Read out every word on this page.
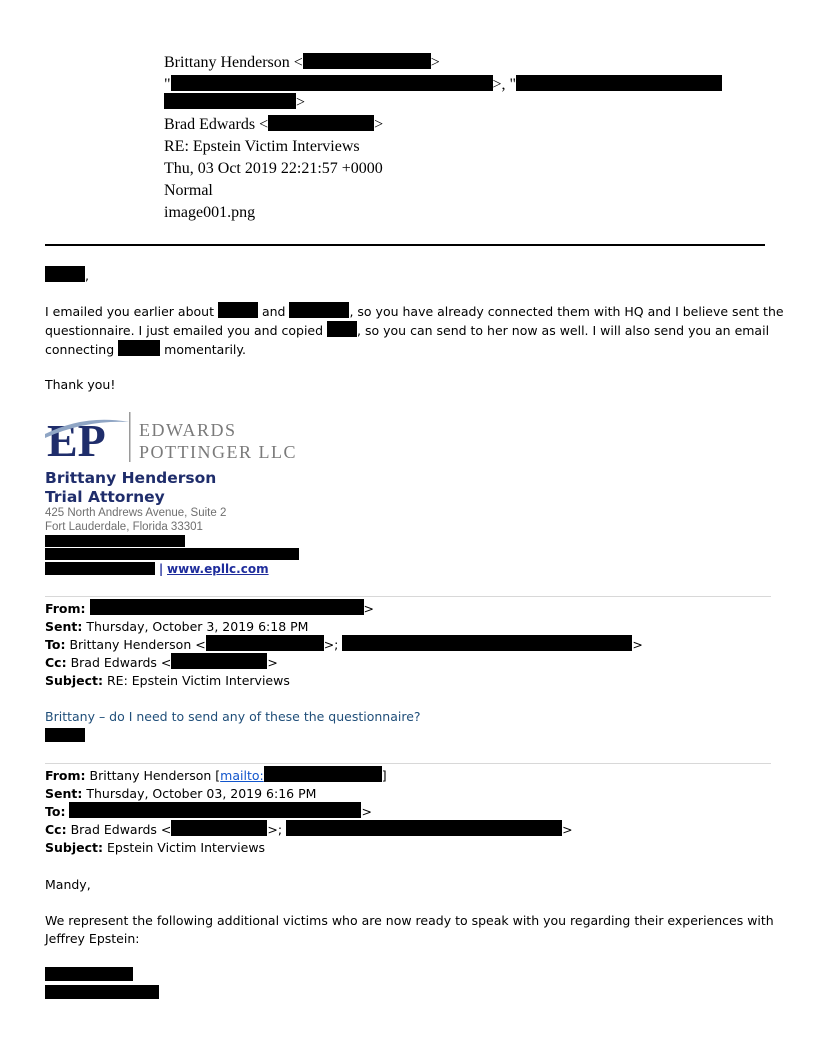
Brittany Henderson <	>
"	>, "
>
Brad Edwards <	>
RE: Epstein Victim Interviews
Thu, 03 Oct 2019 22:21:57 +0000
Normal
image001.png
,
I emailed you earlier about	and	, so you have already connected them with HQ and I believe sent the
questionnaire. I just emailed you and copied	, so you can send to her now as well. I will also send you an email
connecting	momentarily.
Thank you!
EP EDWARDS
POTTINGER LLC
Brittany Henderson
Trial Attorney
425 North Andrews Avenue, Suite 2
Fort Lauderdale, Florida 33301
| www.epllc.com
From:	>
Sent: Thursday, October 3, 2019 6:18 PM
To: Brittany Henderson <	>;	>
Cc: Brad Edwards <	>
Subject: RE: Epstein Victim Interviews
Brittany – do I need to send any of these the questionnaire?
From: Brittany Henderson [mailto:	]
Sent: Thursday, October 03, 2019 6:16 PM
To:	>
Cc: Brad Edwards <	>;	>
Subject: Epstein Victim Interviews
Mandy,
We represent the following additional victims who are now ready to speak with you regarding their experiences with
Jeffrey Epstein:
